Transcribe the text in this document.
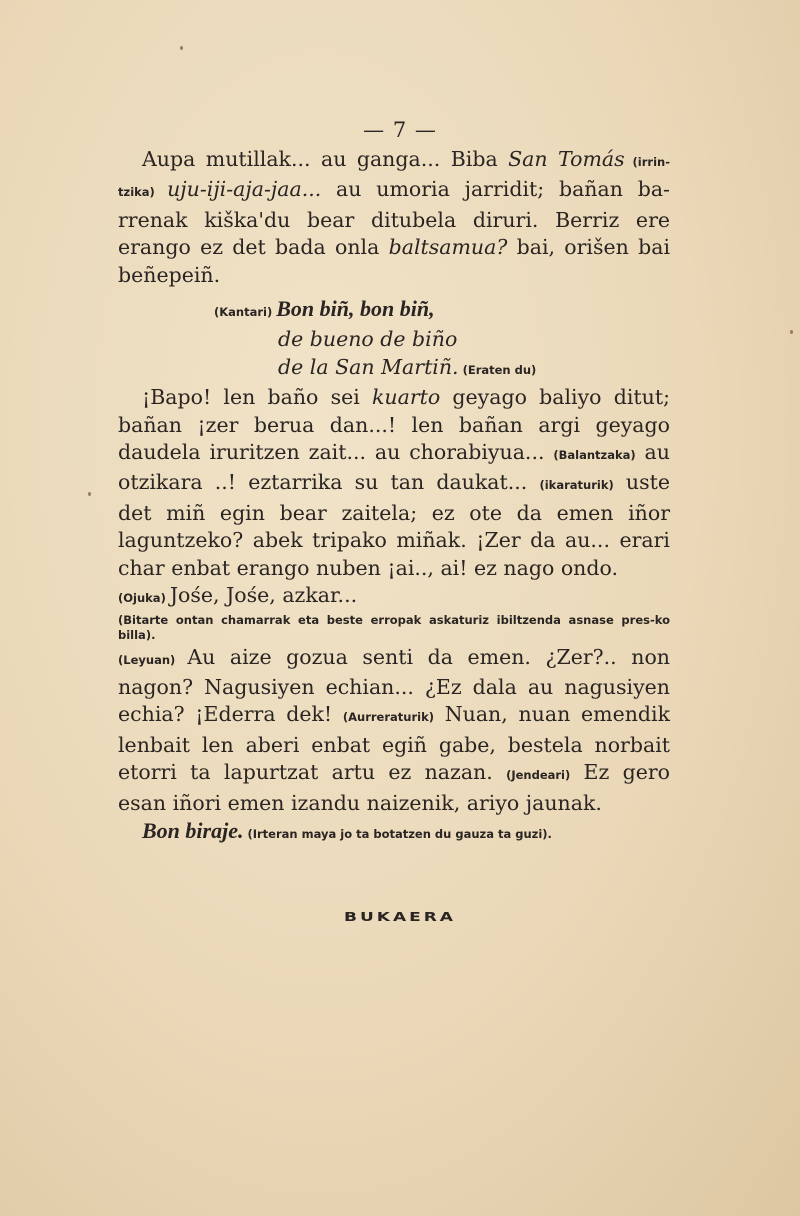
— 7 —

Aupa mutillak... au ganga... Biba San Tomás (irrin-tzika) uju-iji-aja-jaa... au umoria jarridit; bañan ba-rrenak kiška'du bear ditubela diruri. Berriz ere erango ez det bada onla baltsamua? bai, orišen bai beñepeiñ.

(Kantari) Bon biñ, bon biñ,

de bueno de biño

de la San Martiñ. (Eraten du)

¡Bapo! len baño sei kuarto geyago baliyo ditut; bañan ¡zer berua dan...! len bañan argi geyago daudela iruritzen zait... au chorabiyua... (Balantzaka) au otzikara ..! eztarrika su tan daukat... (ikaraturik) uste det miñ egin bear zaitela; ez ote da emen iñor laguntzeko? abek tripako miñak. ¡Zer da au... erari char enbat erango nuben ¡ai.., ai! ez nago ondo.

(Ojuka) Jośe, Jośe, azkar...

(Bitarte ontan chamarrak eta beste erropak askaturiz ibiltzenda asnase pres-ko billa).

(Leyuan) Au aize gozua senti da emen. ¿Zer?.. non nagon? Nagusiyen echian... ¿Ez dala au nagusiyen echia? ¡Ederra dek! (Aurreraturik) Nuan, nuan emendik lenbait len aberi enbat egiñ gabe, bestela norbait etorri ta lapurtzat artu ez nazan. (Jendeari) Ez gero esan iñori emen izandu naizenik, ariyo jaunak.

Bon biraje. (Irteran maya jo ta botatzen du gauza ta guzi).

BUKAERA
